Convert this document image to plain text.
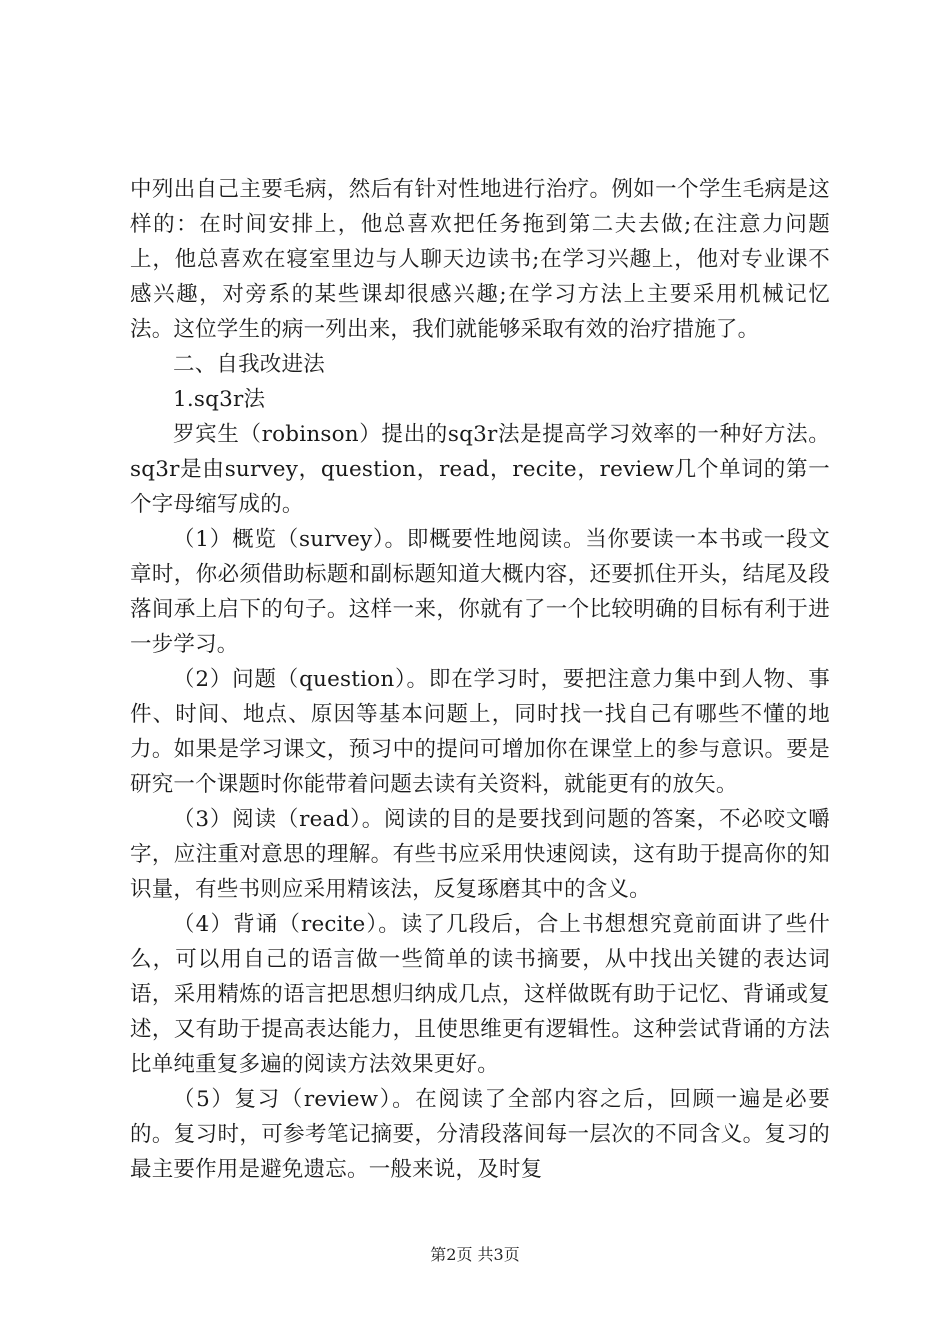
中列出自己主要毛病，然后有针对性地进行治疗。例如一个学生毛病是这样的：在时间安排上，他总喜欢把任务拖到第二夫去做;在注意力问题上，他总喜欢在寝室里边与人聊天边读书;在学习兴趣上，他对专业课不感兴趣，对旁系的某些课却很感兴趣;在学习方法上主要采用机械记忆法。这位学生的病一列出来，我们就能够采取有效的治疗措施了。

二、自我改进法

1.sq3r法

罗宾生（robinson）提出的sq3r法是提高学习效率的一种好方法。sq3r是由survey，question，read，recite，review几个单词的第一个字母缩写成的。

（1）概览（survey）。即概要性地阅读。当你要读一本书或一段文章时，你必须借助标题和副标题知道大概内容，还要抓住开头，结尾及段落间承上启下的句子。这样一来，你就有了一个比较明确的目标有利于进一步学习。

（2）问题（question）。即在学习时，要把注意力集中到人物、事件、时间、地点、原因等基本问题上，同时找一找自己有哪些不懂的地力。如果是学习课文，预习中的提问可增加你在课堂上的参与意识。要是研究一个课题时你能带着问题去读有关资料，就能更有的放矢。

（3）阅读（read）。阅读的目的是要找到问题的答案，不必咬文嚼字，应注重对意思的理解。有些书应采用快速阅读，这有助于提高你的知识量，有些书则应采用精该法，反复琢磨其中的含义。

（4）背诵（recite）。读了几段后，合上书想想究竟前面讲了些什么，可以用自己的语言做一些简单的读书摘要，从中找出关键的表达词语，采用精炼的语言把思想归纳成几点，这样做既有助于记忆、背诵或复述，又有助于提高表达能力，且使思维更有逻辑性。这种尝试背诵的方法比单纯重复多遍的阅读方法效果更好。

（5）复习（review）。在阅读了全部内容之后，回顾一遍是必要的。复习时，可参考笔记摘要，分清段落间每一层次的不同含义。复习的最主要作用是避免遗忘。一般来说，及时复

第2页 共3页
